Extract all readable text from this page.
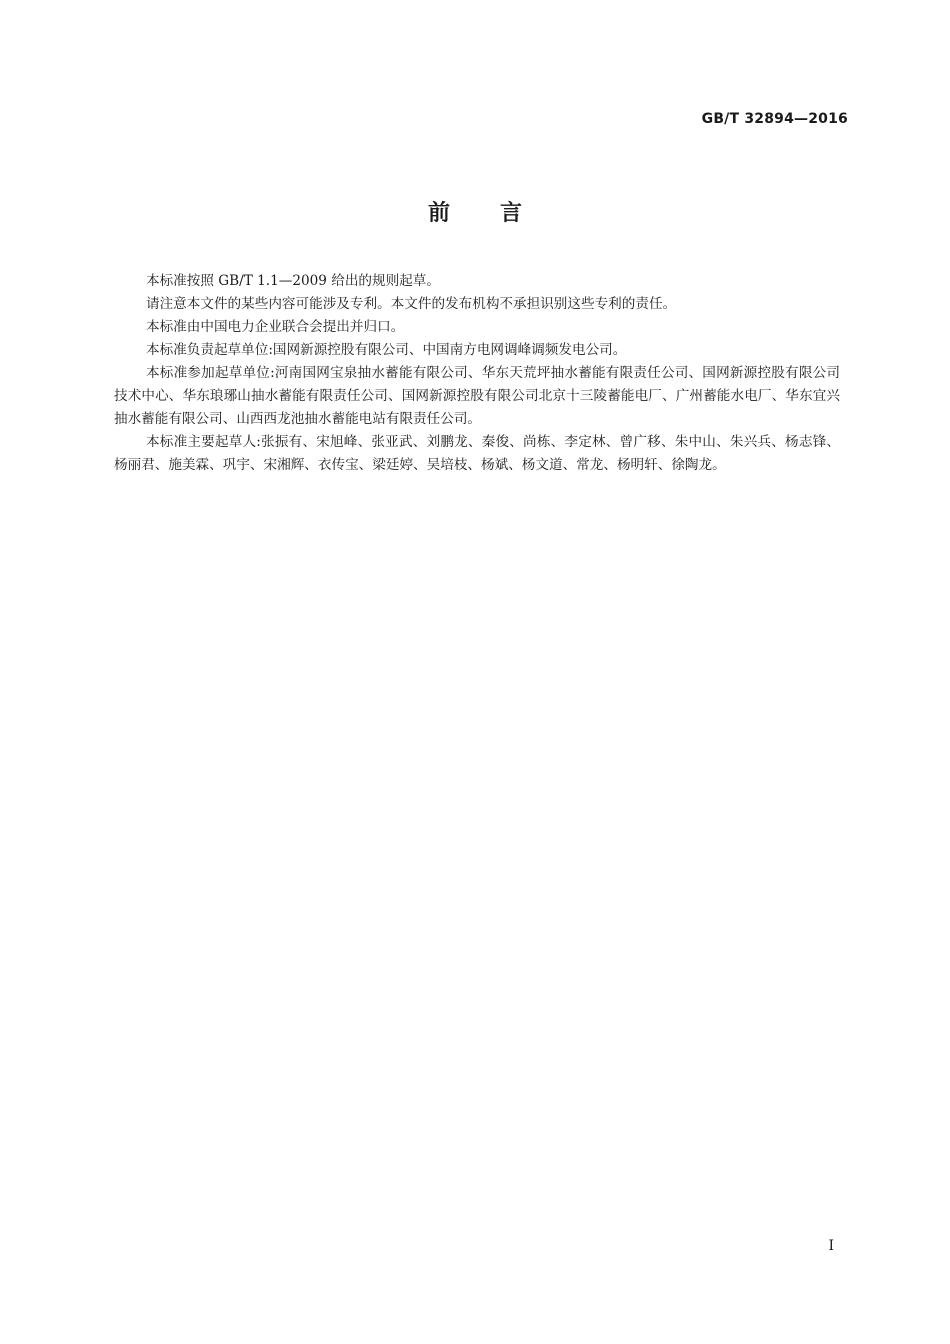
GB/T 32894—2016
前言

本标准按照 GB/T 1.1—2009 给出的规则起草。

请注意本文件的某些内容可能涉及专利。本文件的发布机构不承担识别这些专利的责任。

本标准由中国电力企业联合会提出并归口。

本标准负责起草单位:国网新源控股有限公司、中国南方电网调峰调频发电公司。

本标准参加起草单位:河南国网宝泉抽水蓄能有限公司、华东天荒坪抽水蓄能有限责任公司、国网新源控股有限公司技术中心、华东琅琊山抽水蓄能有限责任公司、国网新源控股有限公司北京十三陵蓄能电厂、广州蓄能水电厂、华东宜兴抽水蓄能有限公司、山西西龙池抽水蓄能电站有限责任公司。

本标准主要起草人:张振有、宋旭峰、张亚武、刘鹏龙、秦俊、尚栋、李定林、曾广移、朱中山、朱兴兵、杨志锋、杨丽君、施美霖、巩宇、宋湘辉、衣传宝、梁廷婷、吴培枝、杨斌、杨文道、常龙、杨明轩、徐陶龙。

I
